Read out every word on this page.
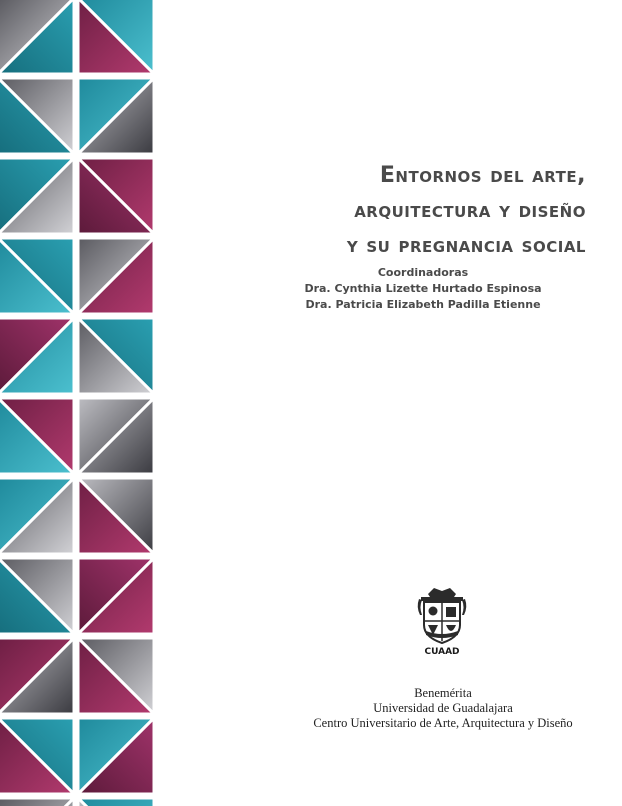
Entornos del arte,
arquitectura y diseño
y su pregnancia social
Coordinadoras
Dra. Cynthia Lizette Hurtado Espinosa
Dra. Patricia Elizabeth Padilla Etienne
CUAAD
Benemérita
Universidad de Guadalajara
Centro Universitario de Arte, Arquitectura y Diseño
